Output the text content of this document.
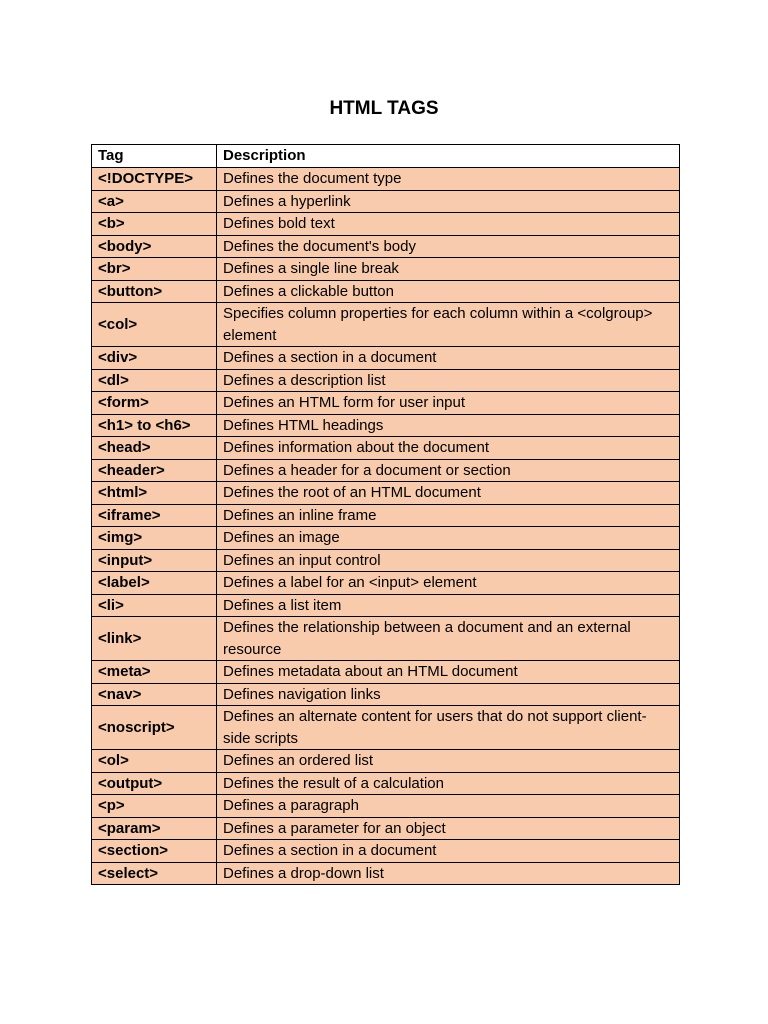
HTML TAGS
Tag	Description
<!DOCTYPE>	Defines the document type
<a>	Defines a hyperlink
<b>	Defines bold text
<body>	Defines the document's body
<br>	Defines a single line break
<button>	Defines a clickable button
<col>	Specifies column properties for each column within a <colgroup> element
<div>	Defines a section in a document
<dl>	Defines a description list
<form>	Defines an HTML form for user input
<h1> to <h6>	Defines HTML headings
<head>	Defines information about the document
<header>	Defines a header for a document or section
<html>	Defines the root of an HTML document
<iframe>	Defines an inline frame
<img>	Defines an image
<input>	Defines an input control
<label>	Defines a label for an <input> element
<li>	Defines a list item
<link>	Defines the relationship between a document and an external resource
<meta>	Defines metadata about an HTML document
<nav>	Defines navigation links
<noscript>	Defines an alternate content for users that do not support client-side scripts
<ol>	Defines an ordered list
<output>	Defines the result of a calculation
<p>	Defines a paragraph
<param>	Defines a parameter for an object
<section>	Defines a section in a document
<select>	Defines a drop-down list
